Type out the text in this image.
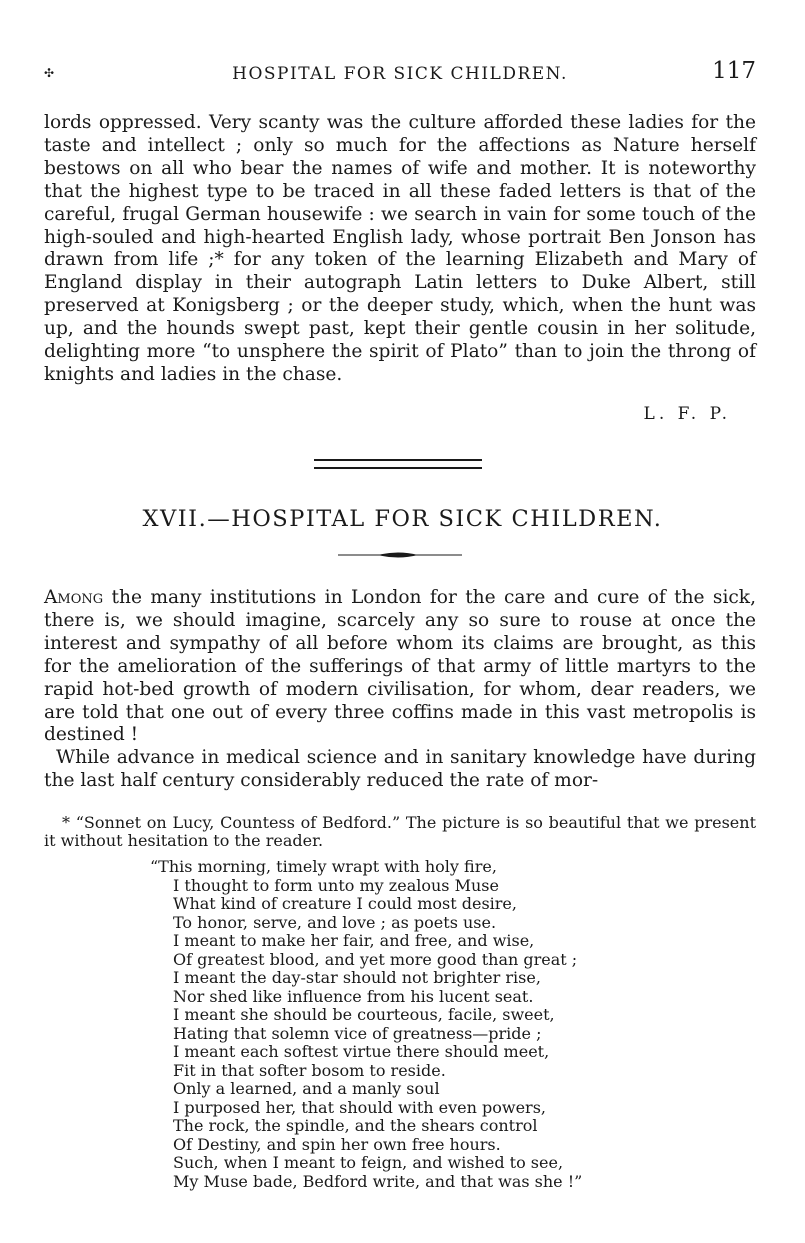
✣	HOSPITAL FOR SICK CHILDREN.	117

lords oppressed. Very scanty was the culture afforded these ladies for the taste and intellect ; only so much for the affections as Nature herself bestows on all who bear the names of wife and mother. It is noteworthy that the highest type to be traced in all these faded letters is that of the careful, frugal German housewife : we search in vain for some touch of the high-souled and high-hearted English lady, whose portrait Ben Jonson has drawn from life ;* for any token of the learning Elizabeth and Mary of England display in their autograph Latin letters to Duke Albert, still preserved at Konigsberg ; or the deeper study, which, when the hunt was up, and the hounds swept past, kept their gentle cousin in her solitude, delighting more “to unsphere the spirit of Plato” than to join the throng of knights and ladies in the chase.

L. F. P.
XVII.—HOSPITAL FOR SICK CHILDREN.

Among the many institutions in London for the care and cure of the sick, there is, we should imagine, scarcely any so sure to rouse at once the interest and sympathy of all before whom its claims are brought, as this for the amelioration of the sufferings of that army of little martyrs to the rapid hot-bed growth of modern civilisation, for whom, dear readers, we are told that one out of every three coffins made in this vast metropolis is destined !

While advance in medical science and in sanitary knowledge have during the last half century considerably reduced the rate of mor-

* “Sonnet on Lucy, Countess of Bedford.” The picture is so beautiful that we present it without hesitation to the reader.

“This morning, timely wrapt with holy fire,
I thought to form unto my zealous Muse
What kind of creature I could most desire,
To honor, serve, and love ; as poets use.
I meant to make her fair, and free, and wise,
Of greatest blood, and yet more good than great ;
I meant the day-star should not brighter rise,
Nor shed like influence from his lucent seat.
I meant she should be courteous, facile, sweet,
Hating that solemn vice of greatness—pride ;
I meant each softest virtue there should meet,
Fit in that softer bosom to reside.
Only a learned, and a manly soul
I purposed her, that should with even powers,
The rock, the spindle, and the shears control
Of Destiny, and spin her own free hours.
Such, when I meant to feign, and wished to see,
My Muse bade, Bedford write, and that was she !”
